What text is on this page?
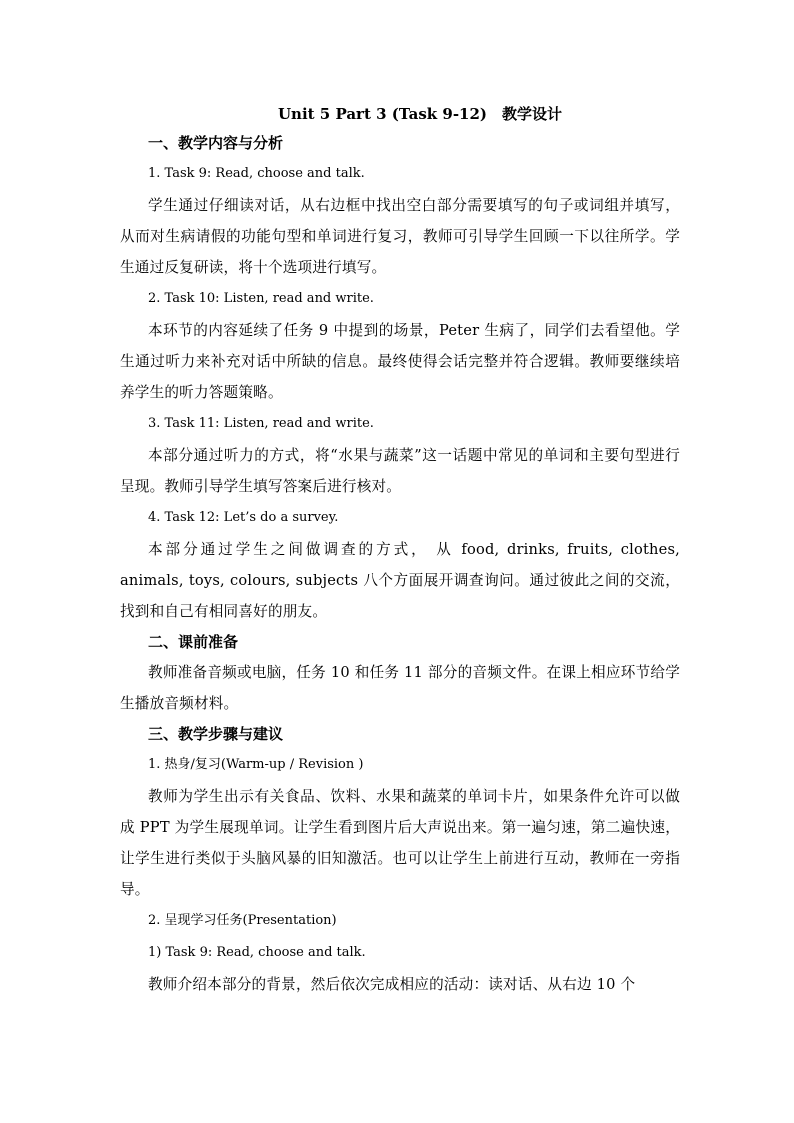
Unit 5 Part 3 (Task 9-12)　教学设计
一、教学内容与分析
1. Task 9: Read, choose and talk.
学生通过仔细读对话，从右边框中找出空白部分需要填写的句子或词组并填写，从而对生病请假的功能句型和单词进行复习，教师可引导学生回顾一下以往所学。学生通过反复研读，将十个选项进行填写。
2. Task 10: Listen, read and write.
本环节的内容延续了任务 9 中提到的场景，Peter 生病了，同学们去看望他。学生通过听力来补充对话中所缺的信息。最终使得会话完整并符合逻辑。教师要继续培养学生的听力答题策略。
3. Task 11: Listen, read and write.
本部分通过听力的方式，将“水果与蔬菜”这一话题中常见的单词和主要句型进行呈现。教师引导学生填写答案后进行核对。
4. Task 12: Let’s do a survey.
本部分通过学生之间做调查的方式， 从 food, drinks, fruits, clothes, animals, toys, colours, subjects 八个方面展开调查询问。通过彼此之间的交流，找到和自己有相同喜好的朋友。
二、课前准备
教师准备音频或电脑，任务 10 和任务 11 部分的音频文件。在课上相应环节给学生播放音频材料。
三、教学步骤与建议
1. 热身/复习(Warm-up / Revision )
教师为学生出示有关食品、饮料、水果和蔬菜的单词卡片，如果条件允许可以做成 PPT 为学生展现单词。让学生看到图片后大声说出来。第一遍匀速，第二遍快速，让学生进行类似于头脑风暴的旧知激活。也可以让学生上前进行互动，教师在一旁指导。
2. 呈现学习任务(Presentation)
1) Task 9: Read, choose and talk.
教师介绍本部分的背景，然后依次完成相应的活动：读对话、从右边 10 个
